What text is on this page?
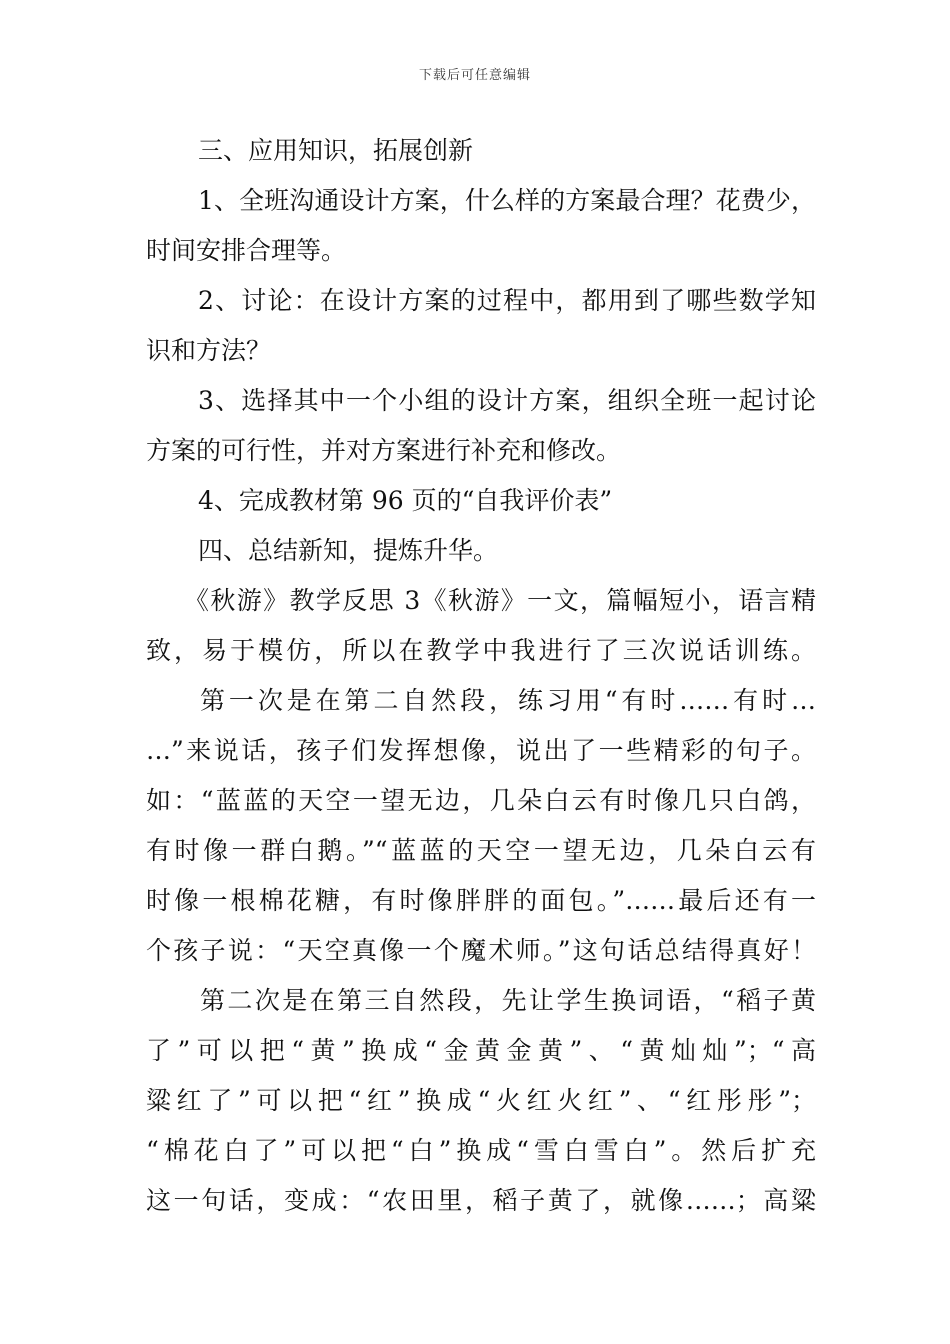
下载后可任意编辑
三、应用知识，拓展创新
1、全班沟通设计方案，什么样的方案最合理？花费少，
时间安排合理等。
2、讨论：在设计方案的过程中，都用到了哪些数学知
识和方法？
3、选择其中一个小组的设计方案，组织全班一起讨论
方案的可行性，并对方案进行补充和修改。
4、完成教材第 96 页的“自我评价表”
四、总结新知，提炼升华。
《秋游》教学反思 3《秋游》一文，篇幅短小，语言精
致，易于模仿，所以在教学中我进行了三次说话训练。
第一次是在第二自然段，练习用“有时……有时…
…”来说话，孩子们发挥想像，说出了一些精彩的句子。
如：“蓝蓝的天空一望无边，几朵白云有时像几只白鸽，
有时像一群白鹅。”“蓝蓝的天空一望无边，几朵白云有
时像一根棉花糖，有时像胖胖的面包。”……最后还有一
个孩子说：“天空真像一个魔术师。”这句话总结得真好！
第二次是在第三自然段，先让学生换词语，“稻子黄
了”可以把“黄”换成“金黄金黄”、“黄灿灿”；“高
粱红了”可以把“红”换成“火红火红”、“红彤彤”；
“棉花白了”可以把“白”换成“雪白雪白”。然后扩充
这一句话，变成：“农田里，稻子黄了，就像……；高粱
